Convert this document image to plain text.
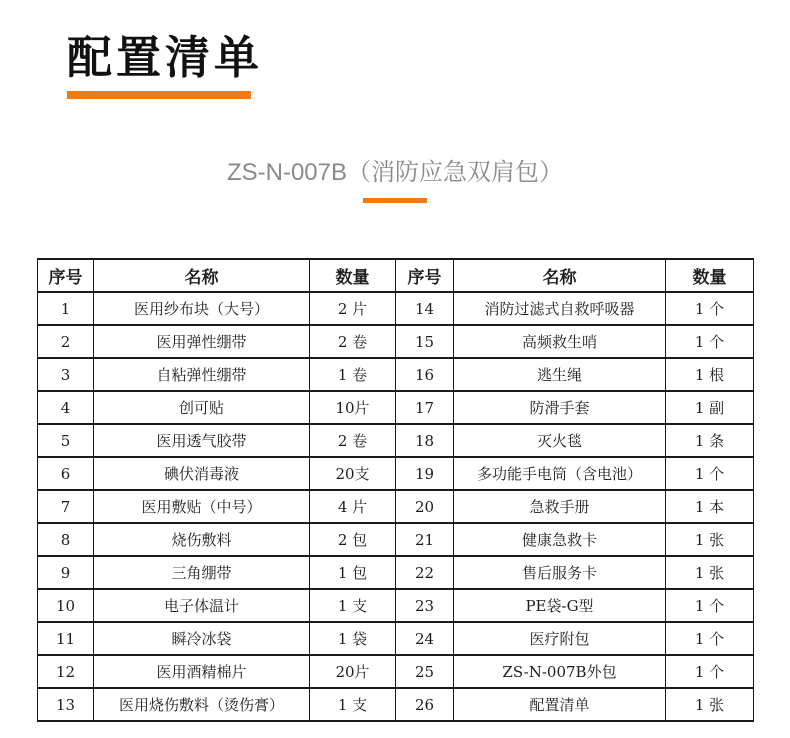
配置清单
ZS-N-007B（消防应急双肩包）
序号	名称	数量	序号	名称	数量
1	医用纱布块（大号）	2 片	14	消防过滤式自救呼吸器	1 个
2	医用弹性绷带	2 卷	15	高频救生哨	1 个
3	自粘弹性绷带	1 卷	16	逃生绳	1 根
4	创可贴	10片	17	防滑手套	1 副
5	医用透气胶带	2 卷	18	灭火毯	1 条
6	碘伏消毒液	20支	19	多功能手电筒（含电池）	1 个
7	医用敷贴（中号）	4 片	20	急救手册	1 本
8	烧伤敷料	2 包	21	健康急救卡	1 张
9	三角绷带	1 包	22	售后服务卡	1 张
10	电子体温计	1 支	23	PE袋-G型	1 个
11	瞬冷冰袋	1 袋	24	医疗附包	1 个
12	医用酒精棉片	20片	25	ZS-N-007B外包	1 个
13	医用烧伤敷料（烫伤膏）	1 支	26	配置清单	1 张
